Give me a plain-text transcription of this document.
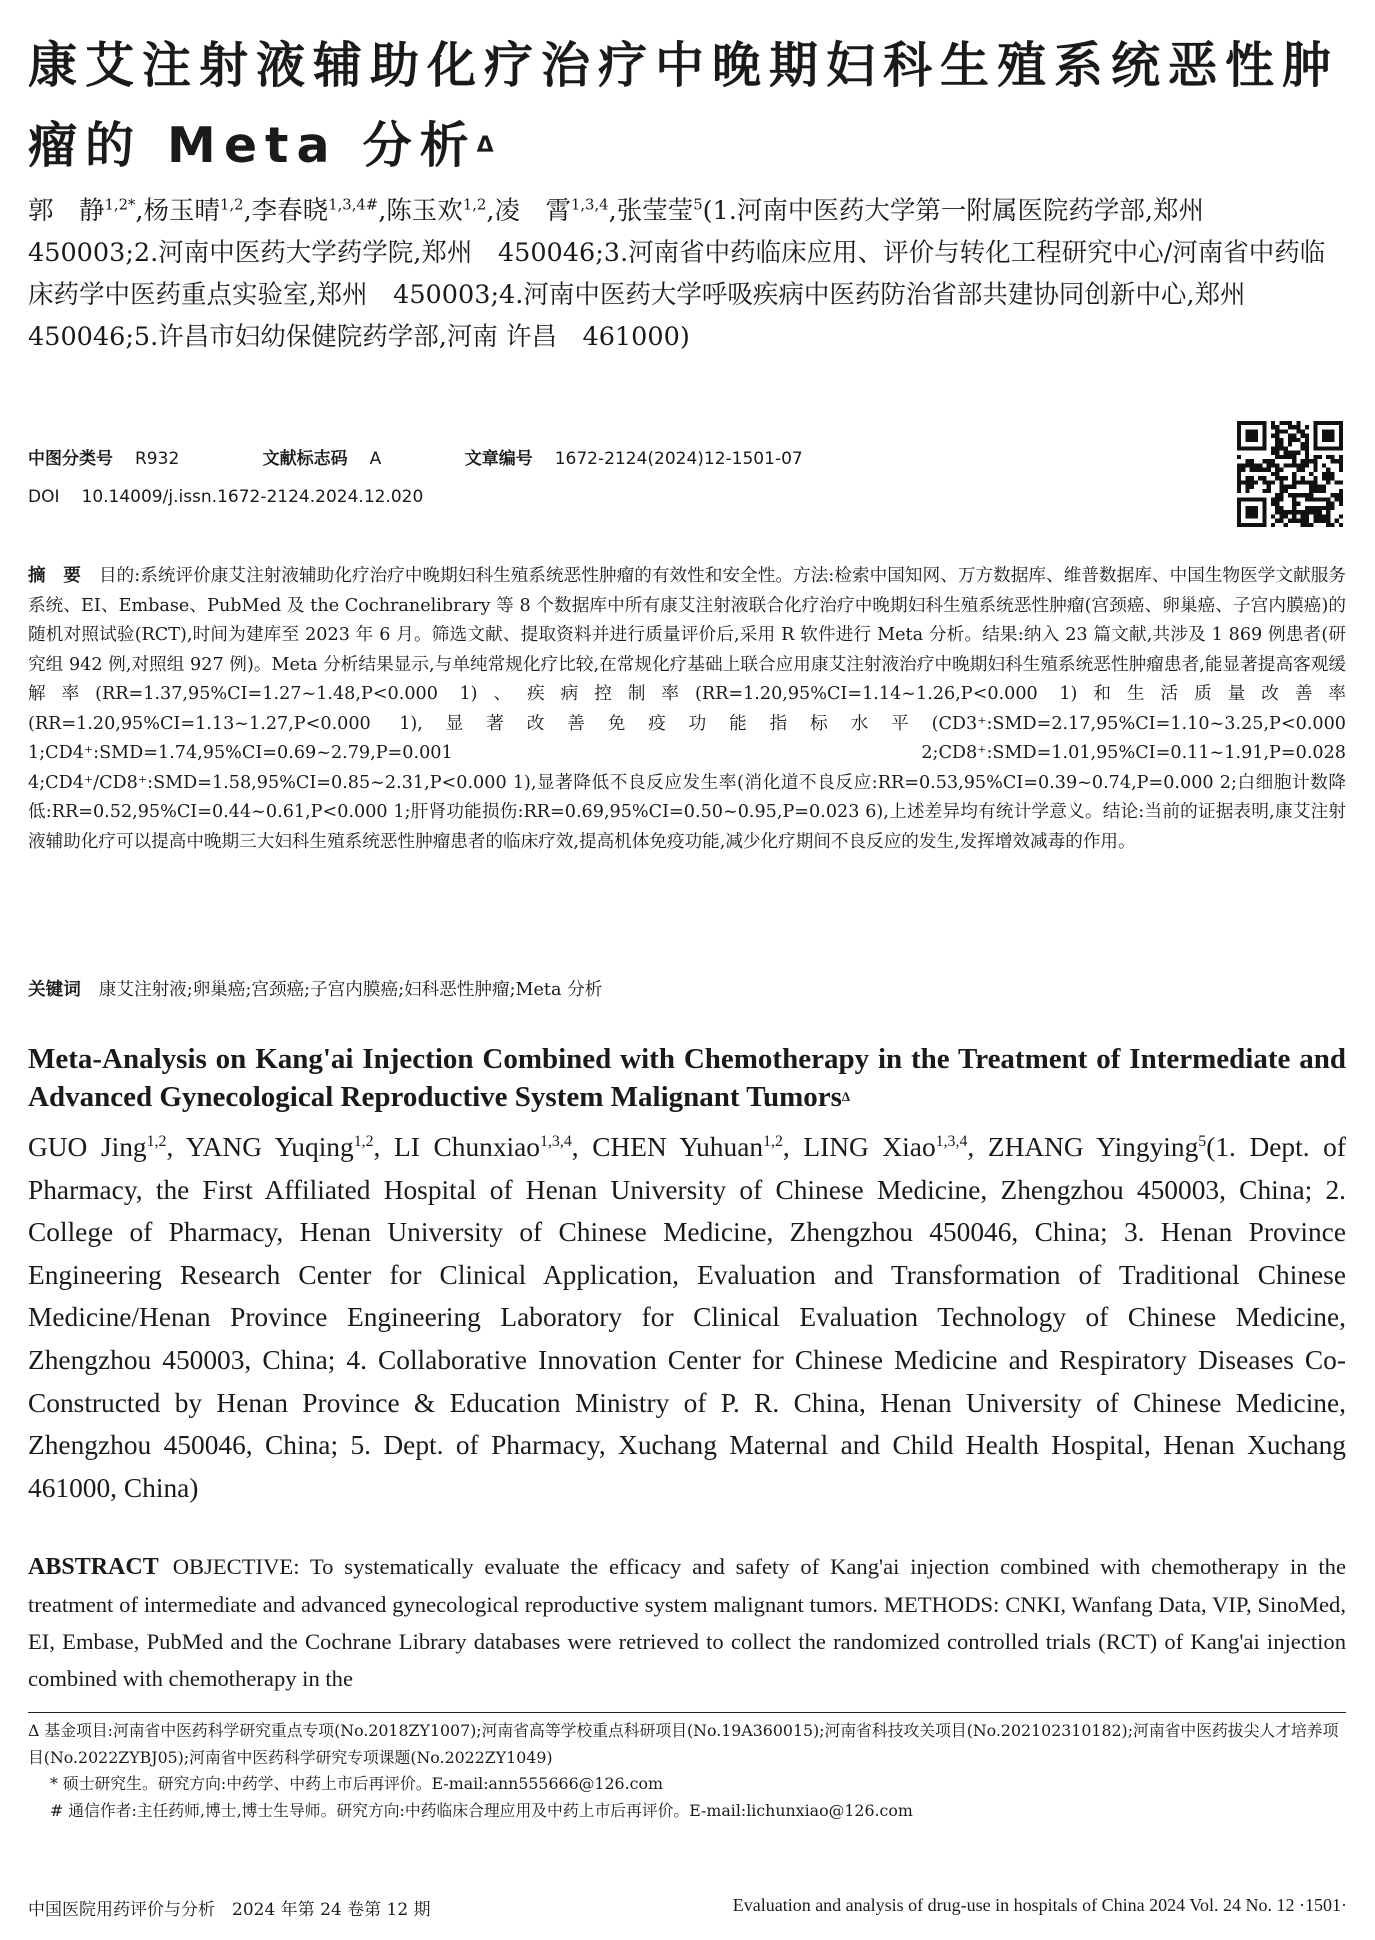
康艾注射液辅助化疗治疗中晚期妇科生殖系统恶性肿瘤的 Meta 分析$^\Delta$

郭　静$^{1,2*}$,杨玉晴$^{1,2}$,李春晓$^{1,3,4\#}$,陈玉欢$^{1,2}$,凌　霄$^{1,3,4}$,张莹莹$^5$(1.河南中医药大学第一附属医院药学部,郑州　450003;2.河南中医药大学药学院,郑州　450046;3.河南省中药临床应用、评价与转化工程研究中心/河南省中药临床药学中医药重点实验室,郑州　450003;4.河南中医药大学呼吸疾病中医药防治省部共建协同创新中心,郑州　450046;5.许昌市妇幼保健院药学部,河南 许昌　461000)

中图分类号 R932	文献标志码 A	文章编号 1672-2124(2024)12-1501-07
DOI 10.14009/j.issn.1672-2124.2024.12.020

摘　要 目的:系统评价康艾注射液辅助化疗治疗中晚期妇科生殖系统恶性肿瘤的有效性和安全性。方法:检索中国知网、万方数据库、维普数据库、中国生物医学文献服务系统、EI、Embase、PubMed 及 the Cochranelibrary 等 8 个数据库中所有康艾注射液联合化疗治疗中晚期妇科生殖系统恶性肿瘤(宫颈癌、卵巢癌、子宫内膜癌)的随机对照试验(RCT),时间为建库至 2023 年 6 月。筛选文献、提取资料并进行质量评价后,采用 R 软件进行 Meta 分析。结果:纳入 23 篇文献,共涉及 1 869 例患者(研究组 942 例,对照组 927 例)。Meta 分析结果显示,与单纯常规化疗比较,在常规化疗基础上联合应用康艾注射液治疗中晚期妇科生殖系统恶性肿瘤患者,能显著提高客观缓解率(RR=1.37,95%CI=1.27~1.48,P<0.000 1)、疾病控制率(RR=1.20,95%CI=1.14~1.26,P<0.000 1)和生活质量改善率(RR=1.20,95%CI=1.13~1.27,P<0.000 1),显著改善免疫功能指标水平(CD3⁺:SMD=2.17,95%CI=1.10~3.25,P<0.000 1;CD4⁺:SMD=1.74,95%CI=0.69~2.79,P=0.001 2;CD8⁺:SMD=1.01,95%CI=0.11~1.91,P=0.028 4;CD4⁺/CD8⁺:SMD=1.58,95%CI=0.85~2.31,P<0.000 1),显著降低不良反应发生率(消化道不良反应:RR=0.53,95%CI=0.39~0.74,P=0.000 2;白细胞计数降低:RR=0.52,95%CI=0.44~0.61,P<0.000 1;肝肾功能损伤:RR=0.69,95%CI=0.50~0.95,P=0.023 6),上述差异均有统计学意义。结论:当前的证据表明,康艾注射液辅助化疗可以提高中晚期三大妇科生殖系统恶性肿瘤患者的临床疗效,提高机体免疫功能,减少化疗期间不良反应的发生,发挥增效减毒的作用。

关键词 康艾注射液;卵巢癌;宫颈癌;子宫内膜癌;妇科恶性肿瘤;Meta 分析

Meta-Analysis on Kang'ai Injection Combined with Chemotherapy in the Treatment of Intermediate and Advanced Gynecological Reproductive System Malignant Tumors$^\Delta$

GUO Jing$^{1,2}$, YANG Yuqing$^{1,2}$, LI Chunxiao$^{1,3,4}$, CHEN Yuhuan$^{1,2}$, LING Xiao$^{1,3,4}$, ZHANG Yingying$^5$(1. Dept. of Pharmacy, the First Affiliated Hospital of Henan University of Chinese Medicine, Zhengzhou 450003, China; 2. College of Pharmacy, Henan University of Chinese Medicine, Zhengzhou 450046, China; 3. Henan Province Engineering Research Center for Clinical Application, Evaluation and Transformation of Traditional Chinese Medicine/Henan Province Engineering Laboratory for Clinical Evaluation Technology of Chinese Medicine, Zhengzhou 450003, China; 4. Collaborative Innovation Center for Chinese Medicine and Respiratory Diseases Co-Constructed by Henan Province & Education Ministry of P. R. China, Henan University of Chinese Medicine, Zhengzhou 450046, China; 5. Dept. of Pharmacy, Xuchang Maternal and Child Health Hospital, Henan Xuchang 461000, China)

ABSTRACT OBJECTIVE: To systematically evaluate the efficacy and safety of Kang'ai injection combined with chemotherapy in the treatment of intermediate and advanced gynecological reproductive system malignant tumors. METHODS: CNKI, Wanfang Data, VIP, SinoMed, EI, Embase, PubMed and the Cochrane Library databases were retrieved to collect the randomized controlled trials (RCT) of Kang'ai injection combined with chemotherapy in the

Δ 基金项目:河南省中医药科学研究重点专项(No.2018ZY1007);河南省高等学校重点科研项目(No.19A360015);河南省科技攻关项目(No.202102310182);河南省中医药拔尖人才培养项目(No.2022ZYBJ05);河南省中医药科学研究专项课题(No.2022ZY1049)

* 硕士研究生。研究方向:中药学、中药上市后再评价。E-mail:ann555666@126.com

# 通信作者:主任药师,博士,博士生导师。研究方向:中药临床合理应用及中药上市后再评价。E-mail:lichunxiao@126.com

中国医院用药评价与分析　2024 年第 24 卷第 12 期	Evaluation and analysis of drug-use in hospitals of China 2024 Vol. 24 No. 12 ·1501·
